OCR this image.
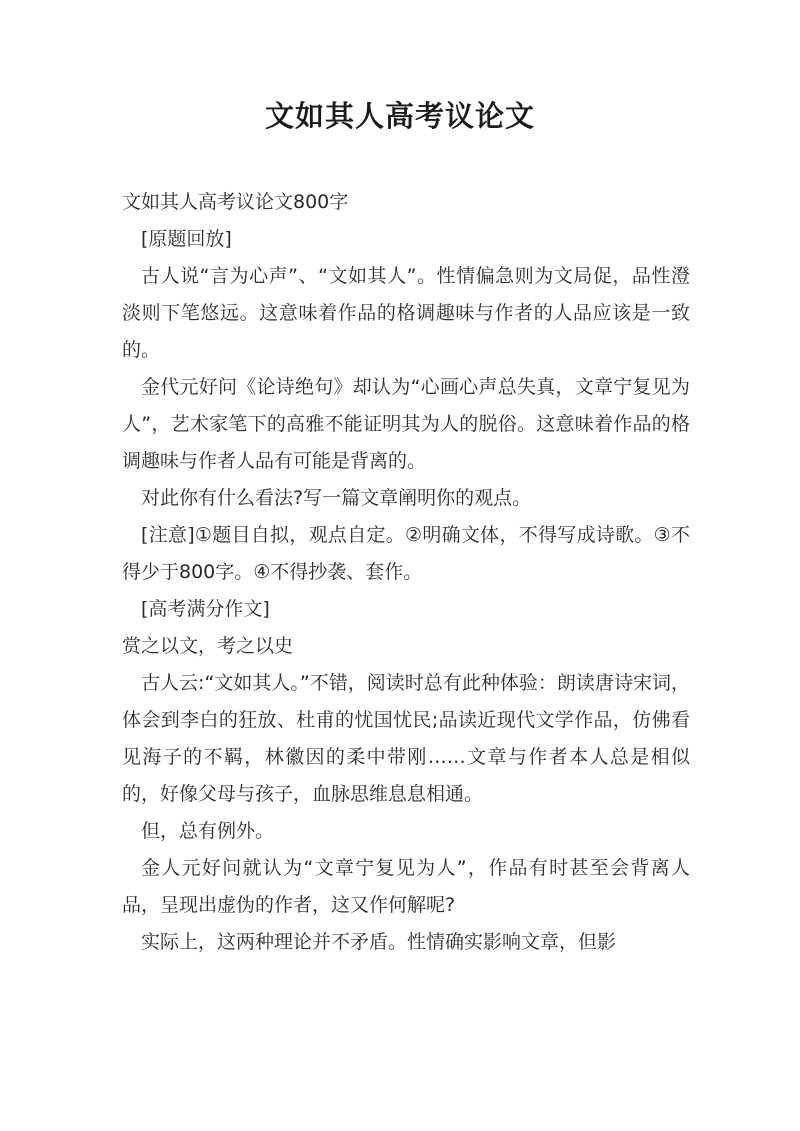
文如其人高考议论文

文如其人高考议论文800字

[原题回放]

古人说“言为心声”、“文如其人”。性情偏急则为文局促，品性澄淡则下笔悠远。这意味着作品的格调趣味与作者的人品应该是一致的。

金代元好问《论诗绝句》却认为“心画心声总失真，文章宁复见为人”，艺术家笔下的高雅不能证明其为人的脱俗。这意味着作品的格调趣味与作者人品有可能是背离的。

对此你有什么看法?写一篇文章阐明你的观点。

[注意]①题目自拟，观点自定。②明确文体，不得写成诗歌。③不得少于800字。④不得抄袭、套作。

[高考满分作文]

赏之以文，考之以史

古人云:“文如其人。”不错，阅读时总有此种体验：朗读唐诗宋词，体会到李白的狂放、杜甫的忧国忧民;品读近现代文学作品，仿佛看见海子的不羁，林徽因的柔中带刚……文章与作者本人总是相似的，好像父母与孩子，血脉思维息息相通。

但，总有例外。

金人元好问就认为“文章宁复见为人”，作品有时甚至会背离人品，呈现出虚伪的作者，这又作何解呢?

实际上，这两种理论并不矛盾。性情确实影响文章，但影
